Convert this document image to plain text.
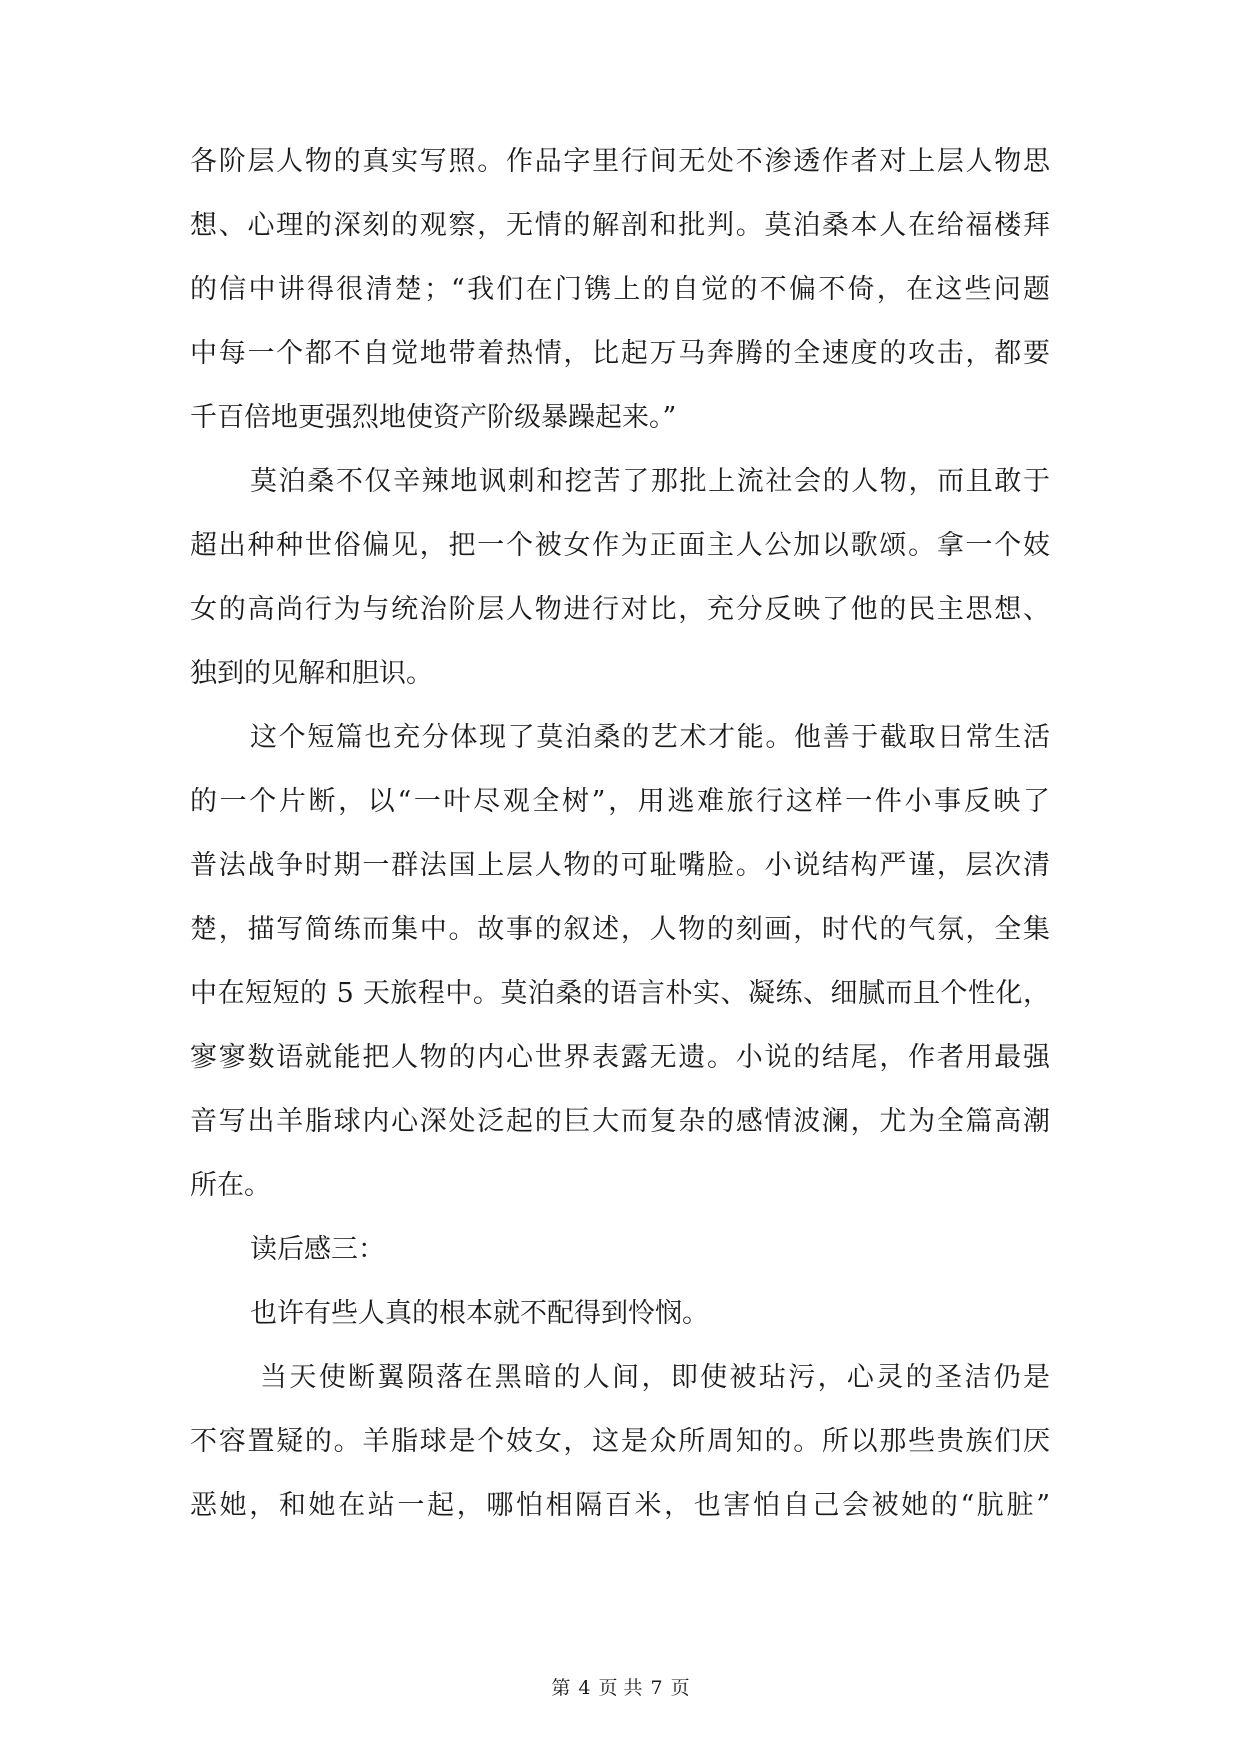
各阶层人物的真实写照。作品字里行间无处不渗透作者对上层人物思
想、心理的深刻的观察，无情的解剖和批判。莫泊桑本人在给福楼拜
的信中讲得很清楚；“我们在门镌上的自觉的不偏不倚，在这些问题
中每一个都不自觉地带着热情，比起万马奔腾的全速度的攻击，都要
千百倍地更强烈地使资产阶级暴躁起来。”
莫泊桑不仅辛辣地讽刺和挖苦了那批上流社会的人物，而且敢于
超出种种世俗偏见，把一个被女作为正面主人公加以歌颂。拿一个妓
女的高尚行为与统治阶层人物进行对比，充分反映了他的民主思想、
独到的见解和胆识。
这个短篇也充分体现了莫泊桑的艺术才能。他善于截取日常生活
的一个片断，以“一叶尽观全树”，用逃难旅行这样一件小事反映了
普法战争时期一群法国上层人物的可耻嘴脸。小说结构严谨，层次清
楚，描写简练而集中。故事的叙述，人物的刻画，时代的气氛，全集
中在短短的 5 天旅程中。莫泊桑的语言朴实、凝练、细腻而且个性化，
寥寥数语就能把人物的内心世界表露无遗。小说的结尾，作者用最强
音写出羊脂球内心深处泛起的巨大而复杂的感情波澜，尤为全篇高潮
所在。
读后感三：
也许有些人真的根本就不配得到怜悯。
当天使断翼陨落在黑暗的人间，即使被玷污，心灵的圣洁仍是
不容置疑的。羊脂球是个妓女，这是众所周知的。所以那些贵族们厌
恶她，和她在站一起，哪怕相隔百米，也害怕自己会被她的“肮脏”
第 4 页 共 7 页
